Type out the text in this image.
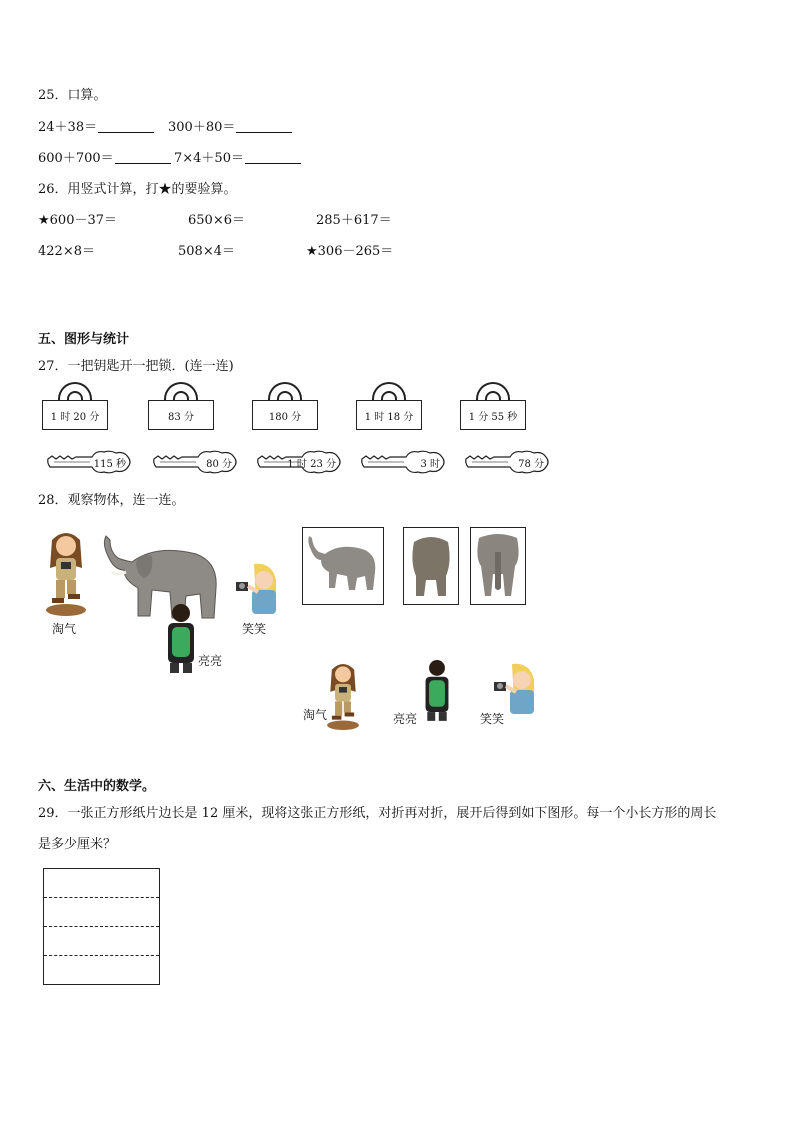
25．口算。
24＋38＝	300＋80＝
600＋700＝	7×4＋50＝
26．用竖式计算，打★的要验算。
★600－37＝	650×6＝	285＋617＝
422×8＝	508×4＝	★306－265＝
五、图形与统计
27．一把钥匙开一把锁．(连一连)
1 时 20 分	83 分	180 分	1 时 18 分	1 分 55 秒
115 秒	80 分	1 时 23 分	3 时	78 分
28．观察物体，连一连。
淘气
亮亮
笑笑
淘气	亮亮	笑笑
六、生活中的数学。
29．一张正方形纸片边长是 12 厘米，现将这张正方形纸，对折再对折，展开后得到如下图形。每一个小长方形的周长
是多少厘米？
